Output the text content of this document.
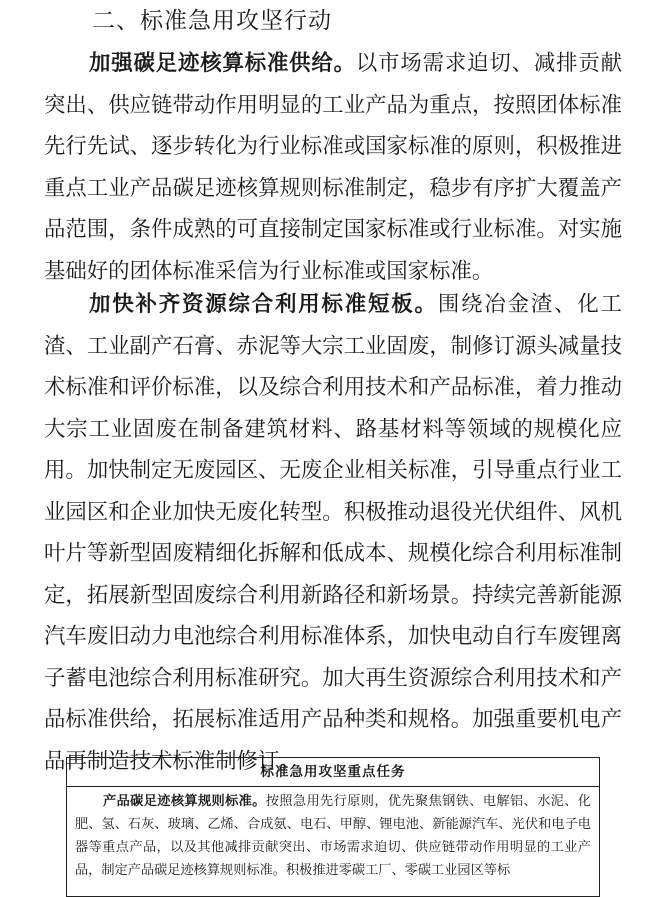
二、标准急用攻坚行动

加强碳足迹核算标准供给。以市场需求迫切、减排贡献突出、供应链带动作用明显的工业产品为重点，按照团体标准先行先试、逐步转化为行业标准或国家标准的原则，积极推进重点工业产品碳足迹核算规则标准制定，稳步有序扩大覆盖产品范围，条件成熟的可直接制定国家标准或行业标准。对实施基础好的团体标准采信为行业标准或国家标准。

加快补齐资源综合利用标准短板。围绕冶金渣、化工渣、工业副产石膏、赤泥等大宗工业固废，制修订源头减量技术标准和评价标准，以及综合利用技术和产品标准，着力推动大宗工业固废在制备建筑材料、路基材料等领域的规模化应用。加快制定无废园区、无废企业相关标准，引导重点行业工业园区和企业加快无废化转型。积极推动退役光伏组件、风机叶片等新型固废精细化拆解和低成本、规模化综合利用标准制定，拓展新型固废综合利用新路径和新场景。持续完善新能源汽车废旧动力电池综合利用标准体系，加快电动自行车废锂离子蓄电池综合利用标准研究。加大再生资源综合利用技术和产品标准供给，拓展标准适用产品种类和规格。加强重要机电产品再制造技术标准制修订。

标准急用攻坚重点任务
产品碳足迹核算规则标准。按照急用先行原则，优先聚焦钢铁、电解铝、水泥、化肥、氢、石灰、玻璃、乙烯、合成氨、电石、甲醇、锂电池、新能源汽车、光伏和电子电器等重点产品，以及其他减排贡献突出、市场需求迫切、供应链带动作用明显的工业产品，制定产品碳足迹核算规则标准。积极推进零碳工厂、零碳工业园区等标
